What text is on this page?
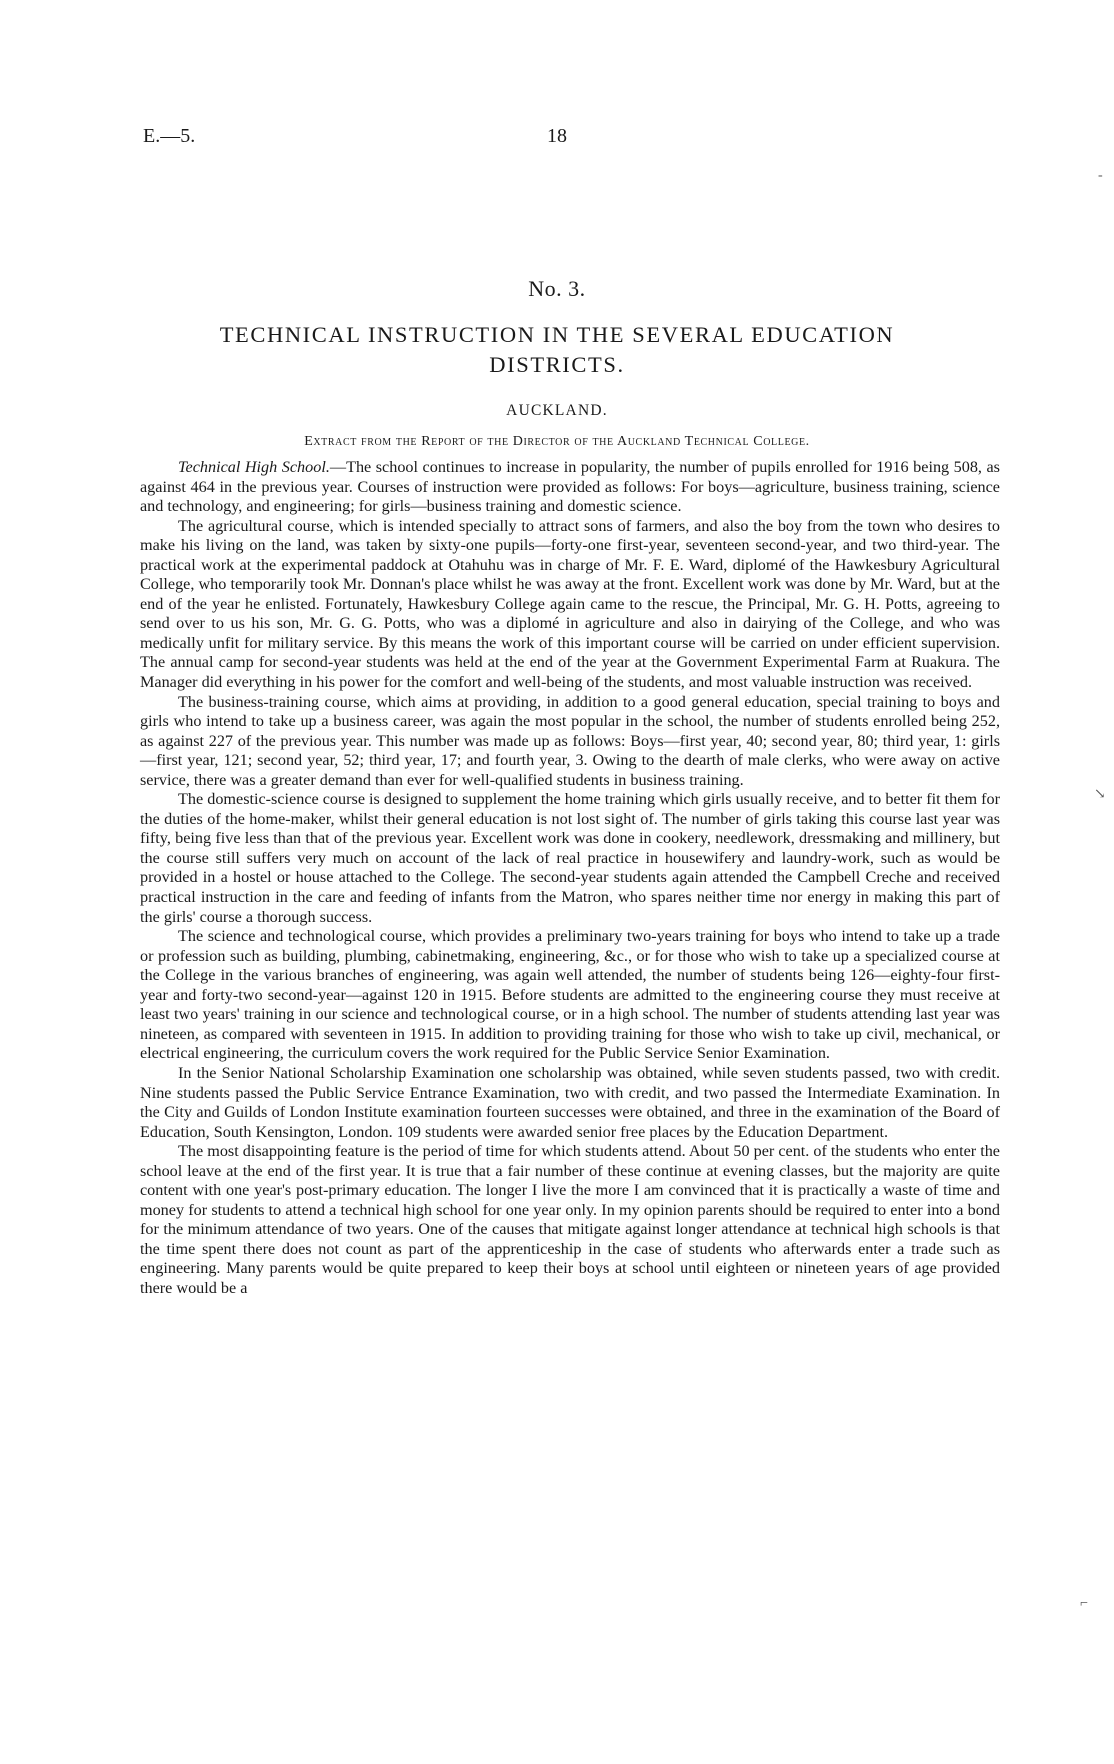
E.—5.	18
No. 3.
TECHNICAL INSTRUCTION IN THE SEVERAL EDUCATION DISTRICTS.
AUCKLAND.
Extract from the Report of the Director of the Auckland Technical College.

Technical High School.—The school continues to increase in popularity, the number of pupils enrolled for 1916 being 508, as against 464 in the previous year. Courses of instruction were provided as follows: For boys—agriculture, business training, science and technology, and engineering; for girls—business training and domestic science.

The agricultural course, which is intended specially to attract sons of farmers, and also the boy from the town who desires to make his living on the land, was taken by sixty-one pupils—forty-one first-year, seventeen second-year, and two third-year. The practical work at the experimental paddock at Otahuhu was in charge of Mr. F. E. Ward, diplomé of the Hawkesbury Agricultural College, who temporarily took Mr. Donnan's place whilst he was away at the front. Excellent work was done by Mr. Ward, but at the end of the year he enlisted. Fortunately, Hawkesbury College again came to the rescue, the Principal, Mr. G. H. Potts, agreeing to send over to us his son, Mr. G. G. Potts, who was a diplomé in agriculture and also in dairying of the College, and who was medically unfit for military service. By this means the work of this important course will be carried on under efficient supervision. The annual camp for second-year students was held at the end of the year at the Government Experimental Farm at Ruakura. The Manager did everything in his power for the comfort and well-being of the students, and most valuable instruction was received.

The business-training course, which aims at providing, in addition to a good general education, special training to boys and girls who intend to take up a business career, was again the most popular in the school, the number of students enrolled being 252, as against 227 of the previous year. This number was made up as follows: Boys—first year, 40; second year, 80; third year, 1: girls—first year, 121; second year, 52; third year, 17; and fourth year, 3. Owing to the dearth of male clerks, who were away on active service, there was a greater demand than ever for well-qualified students in business training.

The domestic-science course is designed to supplement the home training which girls usually receive, and to better fit them for the duties of the home-maker, whilst their general education is not lost sight of. The number of girls taking this course last year was fifty, being five less than that of the previous year. Excellent work was done in cookery, needlework, dressmaking and millinery, but the course still suffers very much on account of the lack of real practice in housewifery and laundry-work, such as would be provided in a hostel or house attached to the College. The second-year students again attended the Campbell Creche and received practical instruction in the care and feeding of infants from the Matron, who spares neither time nor energy in making this part of the girls' course a thorough success.

The science and technological course, which provides a preliminary two-years training for boys who intend to take up a trade or profession such as building, plumbing, cabinetmaking, engineering, &c., or for those who wish to take up a specialized course at the College in the various branches of engineering, was again well attended, the number of students being 126—eighty-four first-year and forty-two second-year—against 120 in 1915. Before students are admitted to the engineering course they must receive at least two years' training in our science and technological course, or in a high school. The number of students attending last year was nineteen, as compared with seventeen in 1915. In addition to providing training for those who wish to take up civil, mechanical, or electrical engineering, the curriculum covers the work required for the Public Service Senior Examination.

In the Senior National Scholarship Examination one scholarship was obtained, while seven students passed, two with credit. Nine students passed the Public Service Entrance Examination, two with credit, and two passed the Intermediate Examination. In the City and Guilds of London Institute examination fourteen successes were obtained, and three in the examination of the Board of Education, South Kensington, London. 109 students were awarded senior free places by the Education Department.

The most disappointing feature is the period of time for which students attend. About 50 per cent. of the students who enter the school leave at the end of the first year. It is true that a fair number of these continue at evening classes, but the majority are quite content with one year's post-primary education. The longer I live the more I am convinced that it is practically a waste of time and money for students to attend a technical high school for one year only. In my opinion parents should be required to enter into a bond for the minimum attendance of two years. One of the causes that mitigate against longer attendance at technical high schools is that the time spent there does not count as part of the apprenticeship in the case of students who afterwards enter a trade such as engineering. Many parents would be quite prepared to keep their boys at school until eighteen or nineteen years of age provided there would be a

‐
↘
⌐
